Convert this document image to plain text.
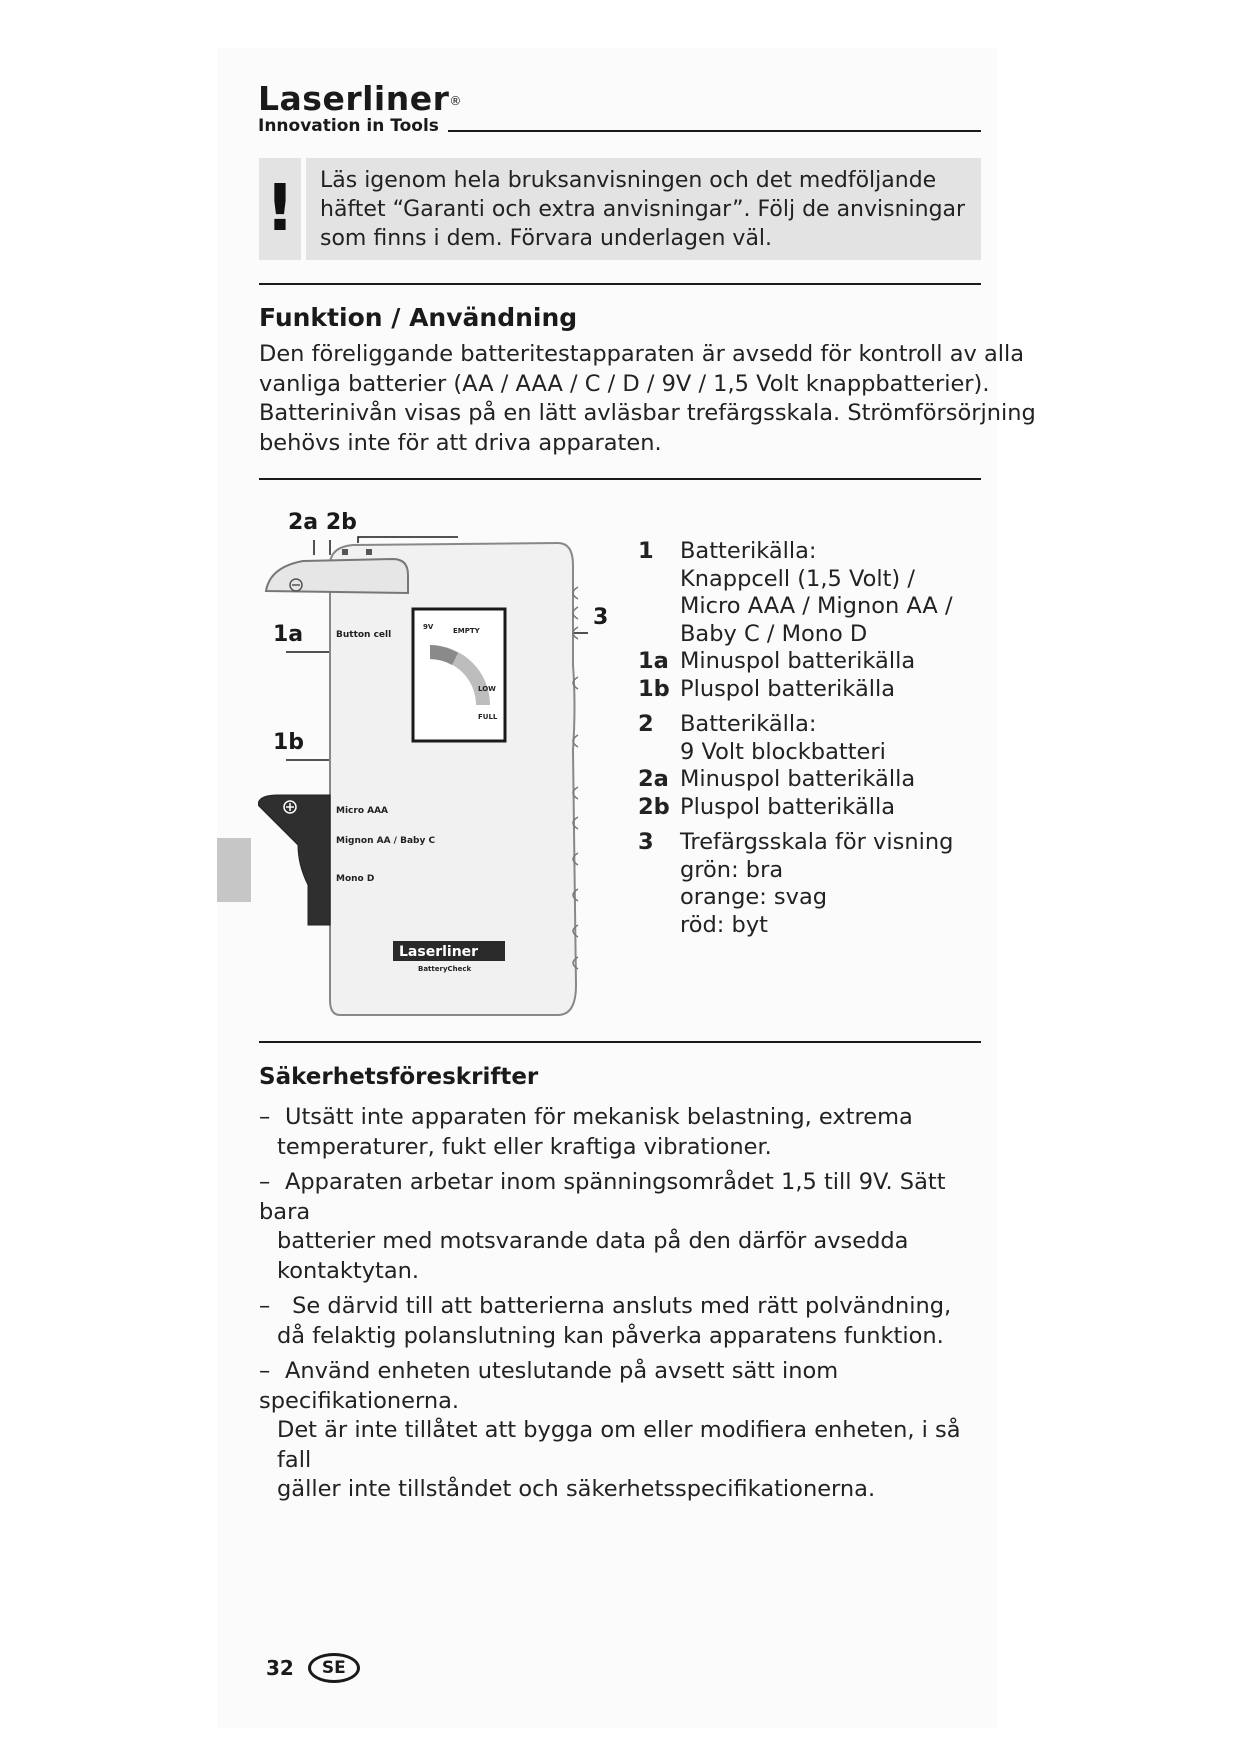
Laserliner®
Innovation in Tools
! Läs igenom hela bruksanvisningen och det medföljande
häftet “Garanti och extra anvisningar”. Följ de anvisningar
som finns i dem. Förvara underlagen väl.
Funktion / Användning
Den föreliggande batteritestapparaten är avsedd för kontroll av alla
vanliga batterier (AA / AAA / C / D / 9V / 1,5 Volt knappbatterier).
Batterinivån visas på en lätt avläsbar trefärgsskala. Strömförsörjning
behövs inte för att driva apparaten.
2a 2b
1a
1b
3
EMPTY
LOW
FULL
9V
Button cell
Micro AAA
Mignon AA / Baby C
Mono D
Laserliner
BatteryCheck
1	Batterikälla:
Knappcell (1,5 Volt) /
Micro AAA / Mignon AA /
Baby C / Mono D
1a Minuspol batterikälla
1b Pluspol batterikälla
2	Batterikälla:
9 Volt blockbatteri
2a Minuspol batterikälla
2b Pluspol batterikälla
3	Trefärgsskala för visning
grön: bra
orange: svag
röd: byt
Säkerhetsföreskrifter
– Utsätt inte apparaten för mekanisk belastning, extrema
temperaturer, fukt eller kraftiga vibrationer.
– Apparaten arbetar inom spänningsområdet 1,5 till 9V. Sätt bara
batterier med motsvarande data på den därför avsedda kontaktytan.
– Se därvid till att batterierna ansluts med rätt polvändning,
då felaktig polanslutning kan påverka apparatens funktion.
– Använd enheten uteslutande på avsett sätt inom specifikationerna.
Det är inte tillåtet att bygga om eller modifiera enheten, i så fall
gäller inte tillståndet och säkerhetsspecifikationerna.
32	SE
